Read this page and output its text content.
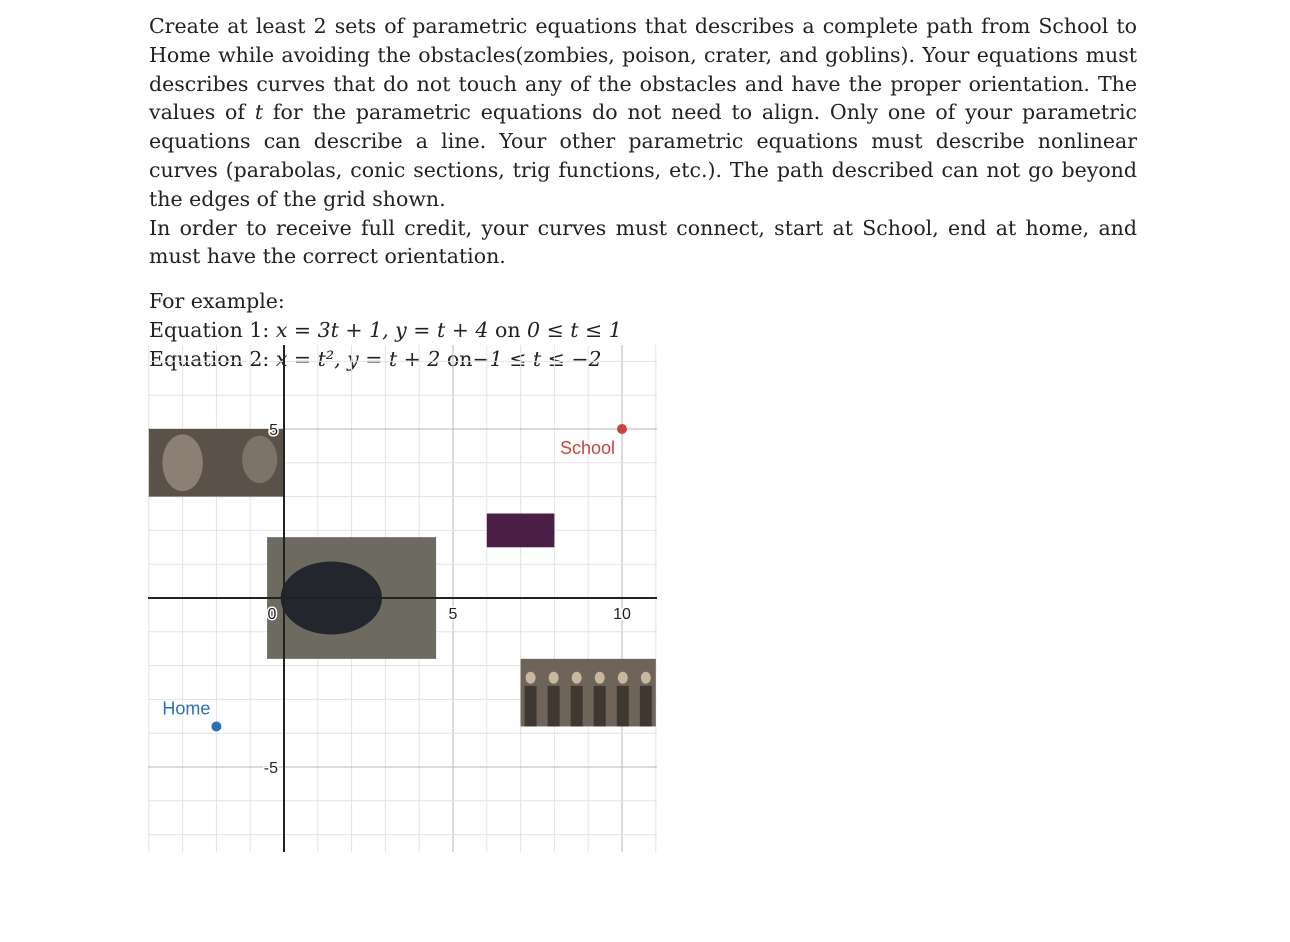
Create at least 2 sets of parametric equations that describes a complete path from School to Home while avoiding the obstacles(zombies, poison, crater, and goblins). Your equations must describes curves that do not touch any of the obstacles and have the proper orientation. The values of t for the parametric equations do not need to align. Only one of your parametric equations can describe a line. Your other parametric equations must describe nonlinear curves (parabolas, conic sections, trig functions, etc.). The path described can not go beyond the edges of the grid shown.

In order to receive full credit, your curves must connect, start at School, end at home, and must have the correct orientation.

For example:

Equation 1: x = 3t + 1, y = t + 4 on 0 ≤ t ≤ 1

Equation 2: x = t², y = t + 2 on−1 ≤ t ≤ −2

0	5	10
5
-5
School
Home
